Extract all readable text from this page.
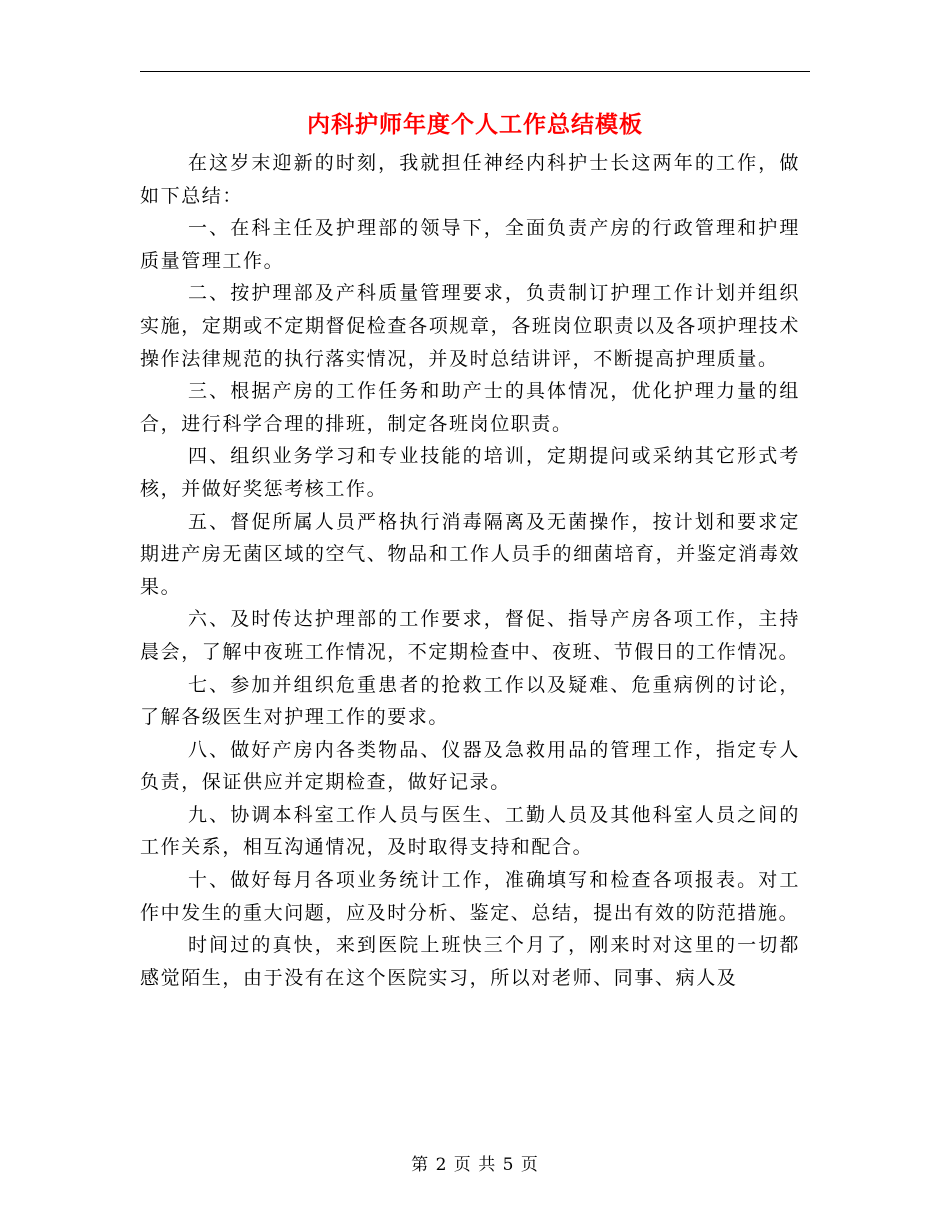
内科护师年度个人工作总结模板

在这岁末迎新的时刻，我就担任神经内科护士长这两年的工作，做如下总结：

一、在科主任及护理部的领导下，全面负责产房的行政管理和护理质量管理工作。

二、按护理部及产科质量管理要求，负责制订护理工作计划并组织实施，定期或不定期督促检查各项规章，各班岗位职责以及各项护理技术操作法律规范的执行落实情况，并及时总结讲评，不断提高护理质量。

三、根据产房的工作任务和助产士的具体情况，优化护理力量的组合，进行科学合理的排班，制定各班岗位职责。

四、组织业务学习和专业技能的培训，定期提问或采纳其它形式考核，并做好奖惩考核工作。

五、督促所属人员严格执行消毒隔离及无菌操作，按计划和要求定期进产房无菌区域的空气、物品和工作人员手的细菌培育，并鉴定消毒效果。

六、及时传达护理部的工作要求，督促、指导产房各项工作，主持晨会，了解中夜班工作情况，不定期检查中、夜班、节假日的工作情况。

七、参加并组织危重患者的抢救工作以及疑难、危重病例的讨论，了解各级医生对护理工作的要求。

八、做好产房内各类物品、仪器及急救用品的管理工作，指定专人负责，保证供应并定期检查，做好记录。

九、协调本科室工作人员与医生、工勤人员及其他科室人员之间的工作关系，相互沟通情况，及时取得支持和配合。

十、做好每月各项业务统计工作，准确填写和检查各项报表。对工作中发生的重大问题，应及时分析、鉴定、总结，提出有效的防范措施。

时间过的真快，来到医院上班快三个月了，刚来时对这里的一切都感觉陌生，由于没有在这个医院实习，所以对老师、同事、病人及

第 2 页 共 5 页
